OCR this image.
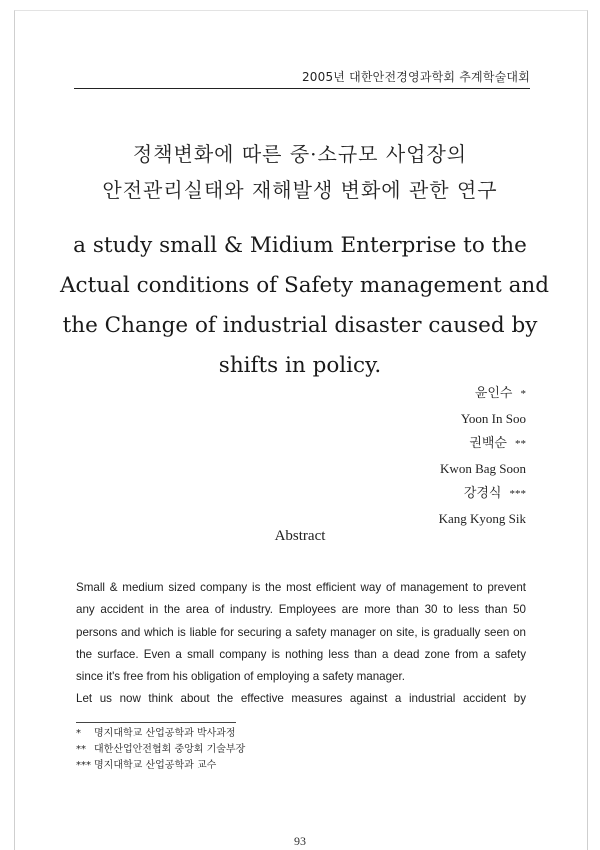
2005년 대한안전경영과학회 추계학술대회
정책변화에 따른 중·소규모 사업장의
안전관리실태와 재해발생 변화에 관한 연구
a study small & Midium Enterprise to the
Actual conditions of Safety management and
the Change of industrial disaster caused by
shifts in policy.
윤인수 *
Yoon In Soo
권백순 **
Kwon Bag Soon
강경식 ***
Kang Kyong Sik
Abstract

Small & medium sized company is the most efficient way of management to prevent any accident in the area of industry. Employees are more than 30 to less than 50 persons and which is liable for securing a safety manager on site, is gradually seen on the surface. Even a small company is nothing less than a dead zone from a safety since it's free from his obligation of employing a safety manager.

Let us now think about the effective measures against a industrial accident by

* 명지대학교 산업공학과 박사과정
** 대한산업안전협회 중앙회 기술부장
*** 명지대학교 산업공학과 교수
93
